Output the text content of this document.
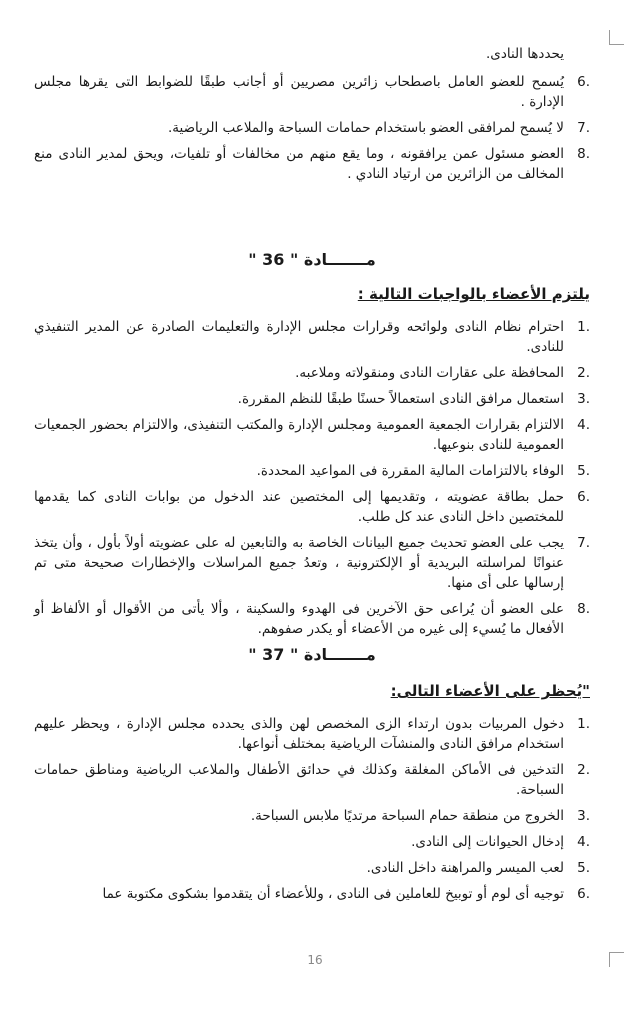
يحددها النادى.

6.
يُسمح للعضو العامل باصطحاب زائرين مصريين أو أجانب طبقًا للضوابط التى يقرها مجلس الإدارة .
7.
لا يُسمح لمرافقى العضو باستخدام حمامات السباحة والملاعب الرياضية.
8.
العضو مسئول عمن يرافقونه ، وما يقع منهم من مخالفات أو تلفيات، ويحق لمدير النادى منع المخالف من الزائرين من ارتياد النادي .
مـــــــادة " 36 "
يلتزم الأعضاء بالواجبات التالية :
1.
احترام نظام النادى ولوائحه وقرارات مجلس الإدارة والتعليمات الصادرة عن المدير التنفيذي للنادى.
2.
المحافظة على عقارات النادى ومنقولاته وملاعبه.
3.
استعمال مرافق النادى استعمالاً حسنًا طبقًا للنظم المقررة.
4.
الالتزام بقرارات الجمعية العمومية ومجلس الإدارة والمكتب التنفيذى، والالتزام بحضور الجمعيات العمومية للنادى بنوعيها.
5.
الوفاء بالالتزامات المالية المقررة فى المواعيد المحددة.
6.
حمل بطاقة عضويته ، وتقديمها إلى المختصين عند الدخول من بوابات النادى كما يقدمها للمختصين داخل النادى عند كل طلب.
7.
يجب على العضو تحديث جميع البيانات الخاصة به والتابعين له على عضويته أولاً بأول ، وأن يتخذ عنوانًا لمراسلته البريدية أو الإلكترونية ، وتعدُ جميع المراسلات والإخطارات صحيحة متى تم إرسالها على أى منها.
8.
على العضو أن يُراعى حق الآخرين فى الهدوء والسكينة ، وألا يأتى من الأقوال أو الألفاظ أو الأفعال ما يُسيء إلى غيره من الأعضاء أو يكدر صفوهم.
مـــــــادة " 37 "
"يُحظر على الأعضاء التالى:
1.
دخول المربيات بدون ارتداء الزى المخصص لهن والذى يحدده مجلس الإدارة ، ويحظر عليهم استخدام مرافق النادى والمنشآت الرياضية بمختلف أنواعها.
2.
التدخين فى الأماكن المغلقة وكذلك في حدائق الأطفال والملاعب الرياضية ومناطق حمامات السباحة.
3.
الخروج من منطقة حمام السباحة مرتديًا ملابس السباحة.
4.
إدخال الحيوانات إلى النادى.
5.
لعب الميسر والمراهنة داخل النادى.
6.
توجيه أى لوم أو توبيخ للعاملين فى النادى ، وللأعضاء أن يتقدموا بشكوى مكتوبة عما
16
